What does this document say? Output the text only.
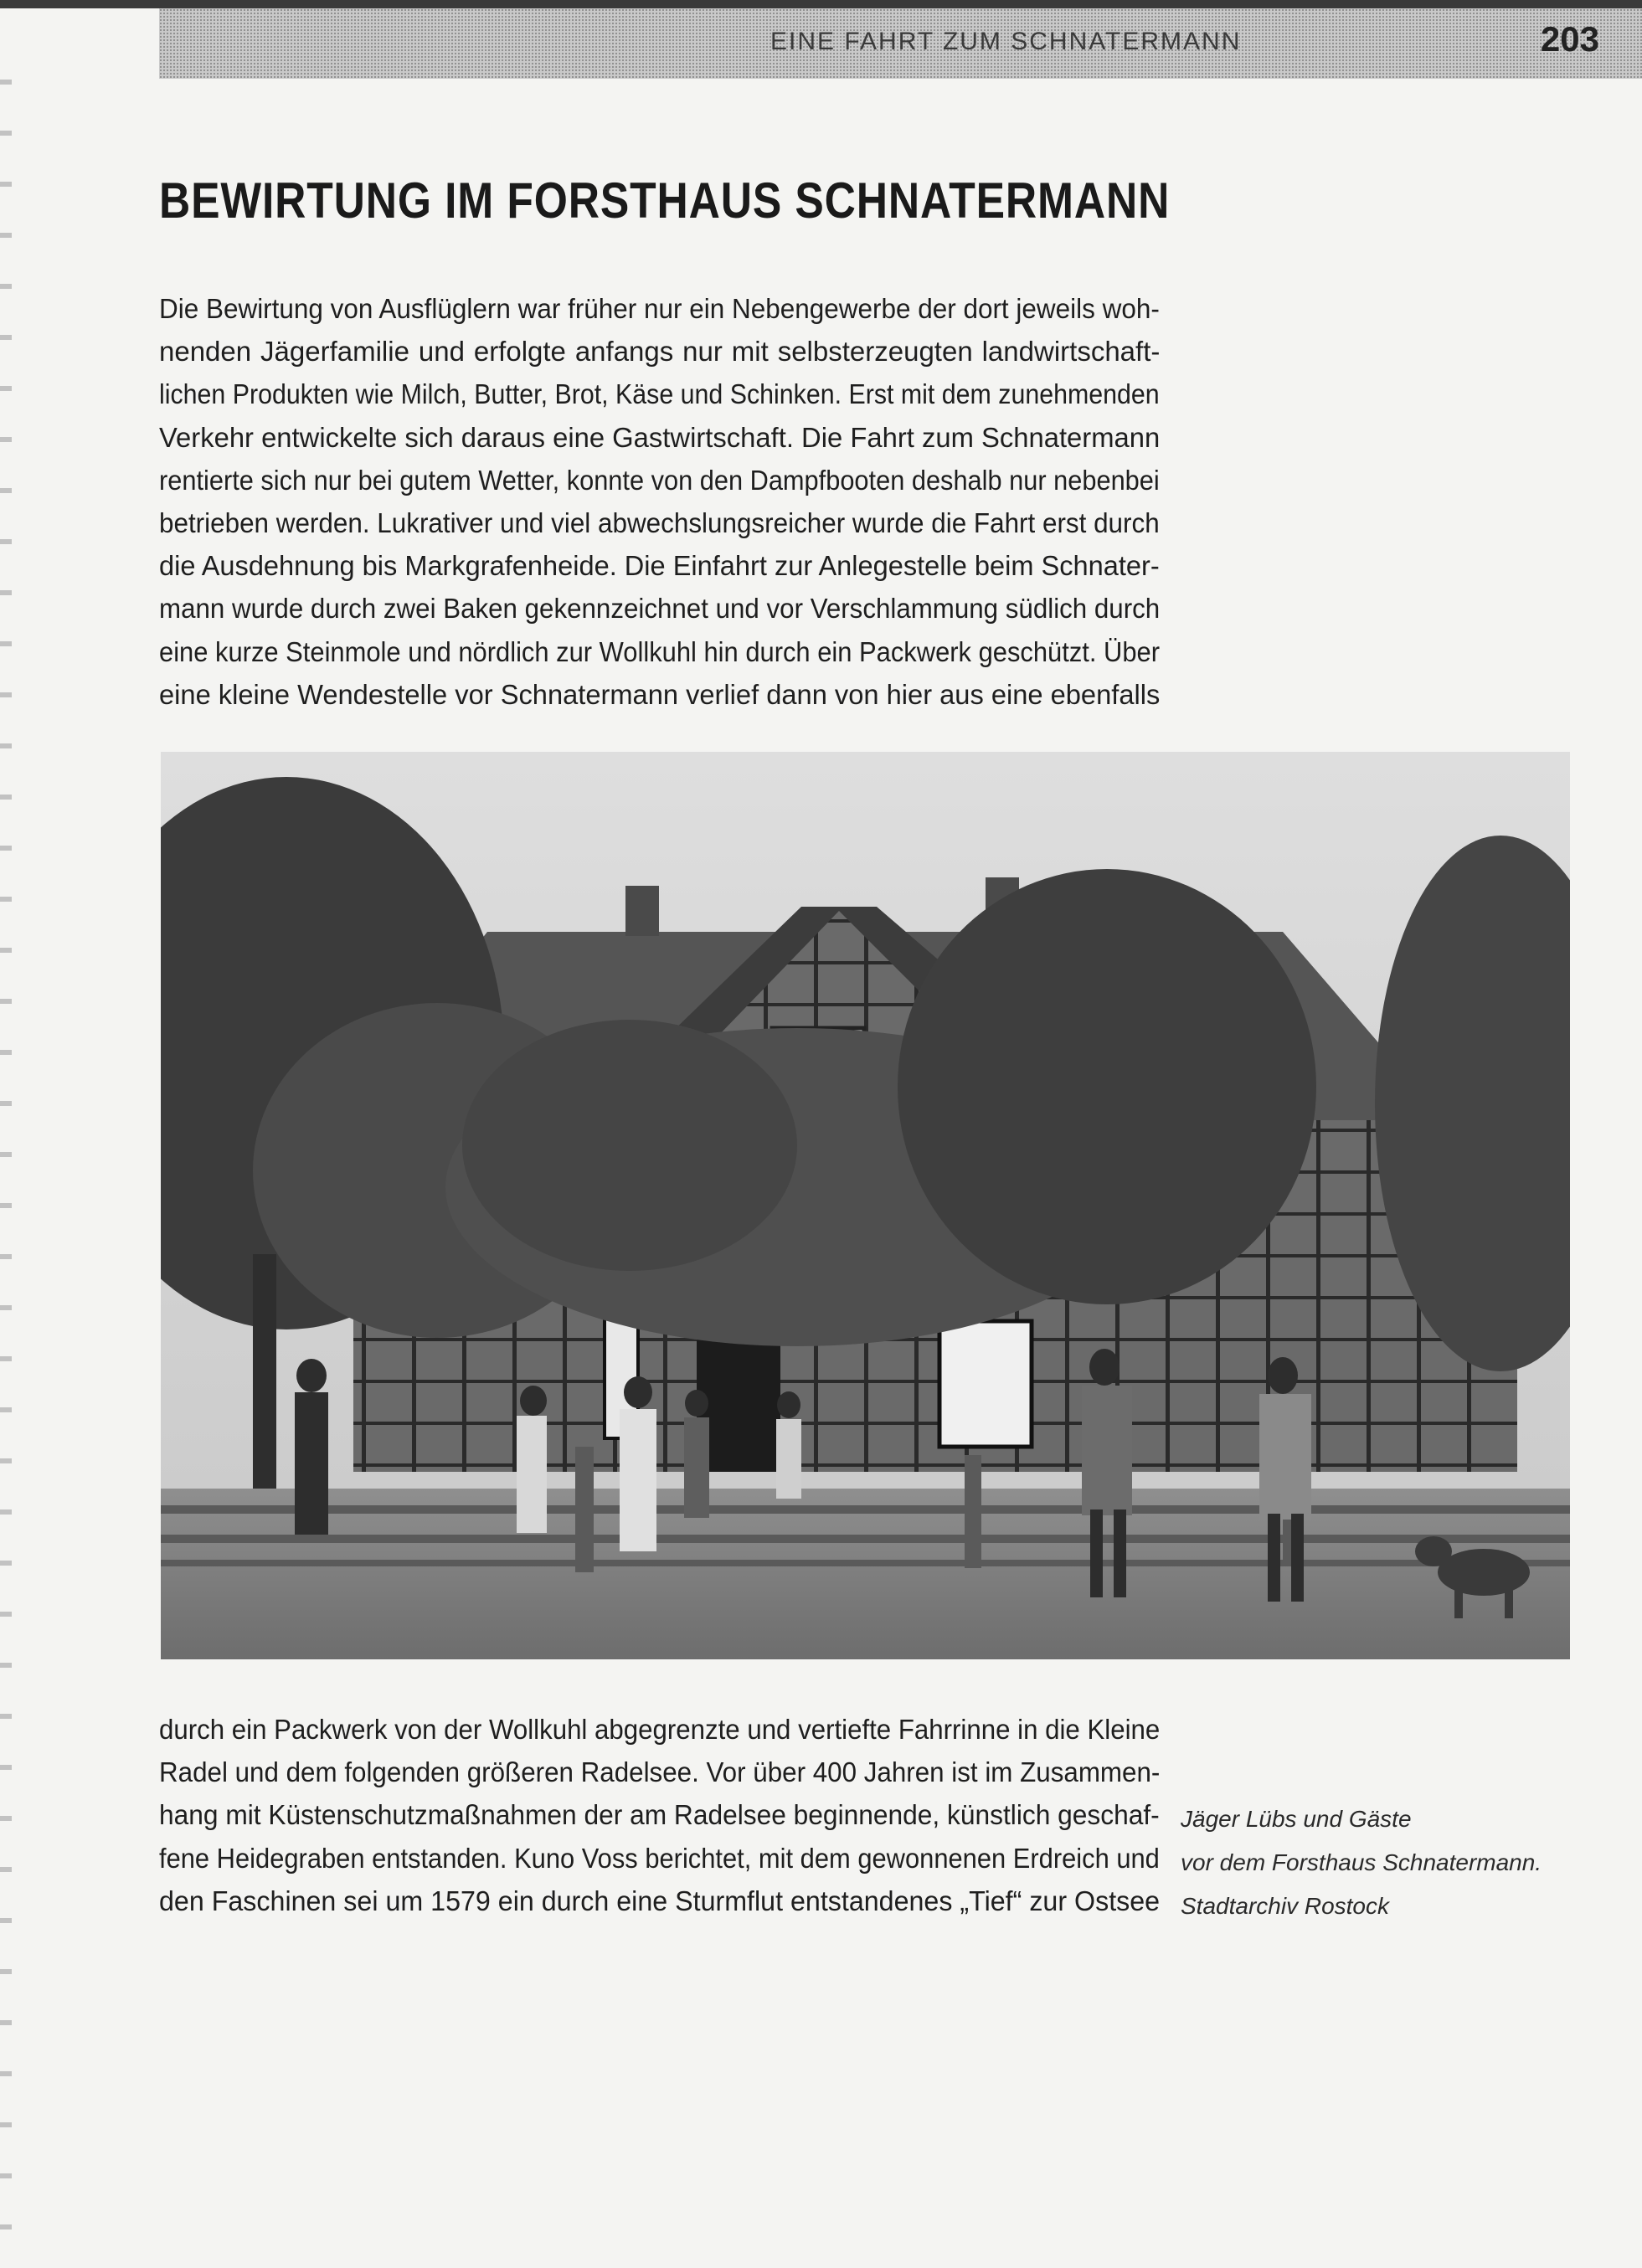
EINE FAHRT ZUM SCHNATERMANN	203
BEWIRTUNG IM FORSTHAUS SCHNATERMANN

Die Bewirtung von Ausflüglern war früher nur ein Nebengewerbe der dort jeweils woh-
nenden Jägerfamilie und erfolgte anfangs nur mit selbsterzeugten landwirtschaft-
lichen Produkten wie Milch, Butter, Brot, Käse und Schinken. Erst mit dem zunehmenden
Verkehr entwickelte sich daraus eine Gastwirtschaft. Die Fahrt zum Schnatermann
rentierte sich nur bei gutem Wetter, konnte von den Dampfbooten deshalb nur nebenbei
betrieben werden. Lukrativer und viel abwechslungsreicher wurde die Fahrt erst durch
die Ausdehnung bis Markgrafenheide. Die Einfahrt zur Anlegestelle beim Schnater-
mann wurde durch zwei Baken gekennzeichnet und vor Verschlammung südlich durch
eine kurze Steinmole und nördlich zur Wollkuhl hin durch ein Packwerk geschützt. Über
eine kleine Wendestelle vor Schnatermann verlief dann von hier aus eine ebenfalls

durch ein Packwerk von der Wollkuhl abgegrenzte und vertiefte Fahrrinne in die Kleine
Radel und dem folgenden größeren Radelsee. Vor über 400 Jahren ist im Zusammen-
hang mit Küstenschutzmaßnahmen der am Radelsee beginnende, künstlich geschaf-
fene Heidegraben entstanden. Kuno Voss berichtet, mit dem gewonnenen Erdreich und
den Faschinen sei um 1579 ein durch eine Sturmflut entstandenes „Tief“ zur Ostsee

Jäger Lübs und Gäste
vor dem Forsthaus Schnatermann.
Stadtarchiv Rostock
